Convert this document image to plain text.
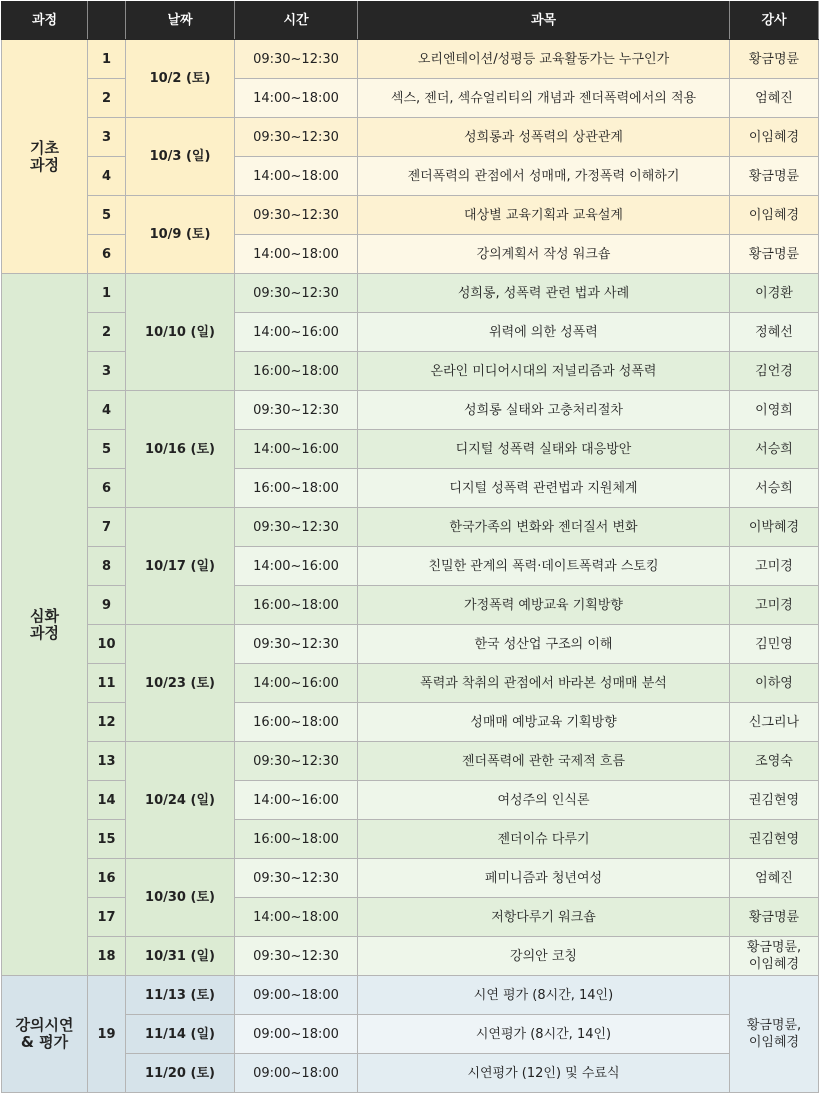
과정		날짜	시간	과목	강사
기초
과정	1	10/2 (토)	09:30~12:30	오리엔테이션/성평등 교육활동가는 누구인가	황금명륜
	2		14:00~18:00	섹스, 젠더, 섹슈얼리티의 개념과 젠더폭력에서의 적용	엄혜진
	3	10/3 (일)	09:30~12:30	성희롱과 성폭력의 상관관계	이임혜경
	4		14:00~18:00	젠더폭력의 관점에서 성매매, 가정폭력 이해하기	황금명륜
	5	10/9 (토)	09:30~12:30	대상별 교육기획과 교육설계	이임혜경
	6		14:00~18:00	강의계획서 작성 워크숍	황금명륜
심화
과정	1	10/10 (일)	09:30~12:30	성희롱, 성폭력 관련 법과 사례	이경환
	2		14:00~16:00	위력에 의한 성폭력	정혜선
	3		16:00~18:00	온라인 미디어시대의 저널리즘과 성폭력	김언경
	4	10/16 (토)	09:30~12:30	성희롱 실태와 고충처리절차	이영희
	5		14:00~16:00	디지털 성폭력 실태와 대응방안	서승희
	6		16:00~18:00	디지털 성폭력 관련법과 지원체계	서승희
	7	10/17 (일)	09:30~12:30	한국가족의 변화와 젠더질서 변화	이박혜경
	8		14:00~16:00	친밀한 관계의 폭력·데이트폭력과 스토킹	고미경
	9		16:00~18:00	가정폭력 예방교육 기획방향	고미경
	10	10/23 (토)	09:30~12:30	한국 성산업 구조의 이해	김민영
	11		14:00~16:00	폭력과 착취의 관점에서 바라본 성매매 분석	이하영
	12		16:00~18:00	성매매 예방교육 기획방향	신그리나
	13	10/24 (일)	09:30~12:30	젠더폭력에 관한 국제적 흐름	조영숙
	14		14:00~16:00	여성주의 인식론	권김현영
	15		16:00~18:00	젠더이슈 다루기	권김현영
	16	10/30 (토)	09:30~12:30	페미니즘과 청년여성	엄혜진
	17		14:00~18:00	저항다루기 워크숍	황금명륜
	18	10/31 (일)	09:30~12:30	강의안 코칭	황금명륜,
이임혜경
강의시연
& 평가	19	11/13 (토)	09:00~18:00	시연 평가 (8시간, 14인)	황금명륜,
이임혜경
		11/14 (일)	09:00~18:00	시연평가 (8시간, 14인)	
		11/20 (토)	09:00~18:00	시연평가 (12인) 및 수료식	
